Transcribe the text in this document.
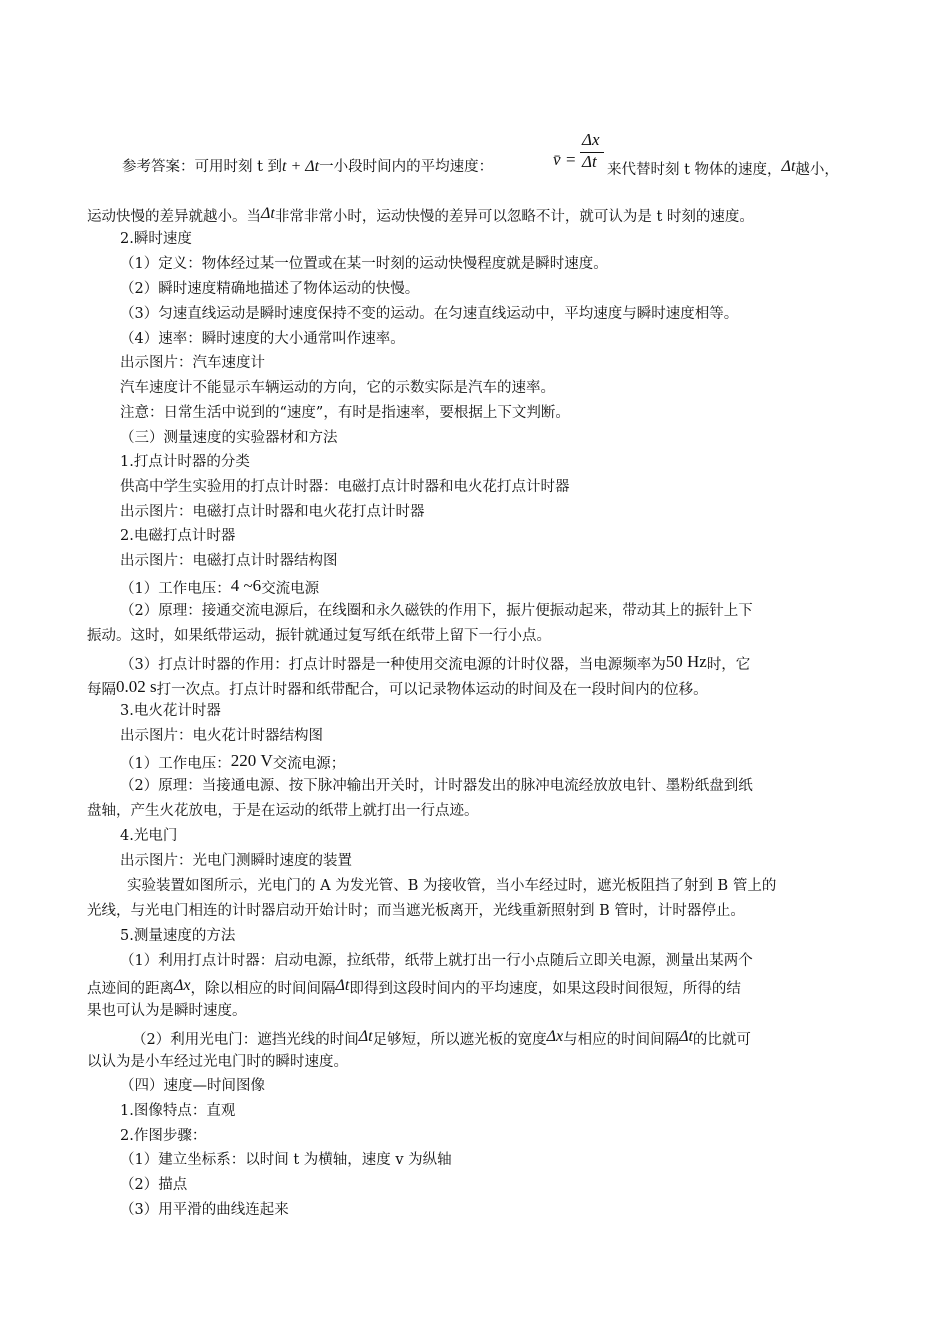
参考答案：可用时刻 t 到t + Δt一小段时间内的平均速度：	v̄ =
Δx
Δt 来代替时刻 t 物体的速度，Δt越小，
运动快慢的差异就越小。当Δt非常非常小时，运动快慢的差异可以忽略不计，就可认为是 t 时刻的速度。
2.瞬时速度
（1）定义：物体经过某一位置或在某一时刻的运动快慢程度就是瞬时速度。
（2）瞬时速度精确地描述了物体运动的快慢。
（3）匀速直线运动是瞬时速度保持不变的运动。在匀速直线运动中，平均速度与瞬时速度相等。
（4）速率：瞬时速度的大小通常叫作速率。
出示图片：汽车速度计
汽车速度计不能显示车辆运动的方向，它的示数实际是汽车的速率。
注意：日常生活中说到的“速度”，有时是指速率，要根据上下文判断。
（三）测量速度的实验器材和方法
1.打点计时器的分类
供高中学生实验用的打点计时器：电磁打点计时器和电火花打点计时器
出示图片：电磁打点计时器和电火花打点计时器
2.电磁打点计时器
出示图片：电磁打点计时器结构图
（1）工作电压：4 ~6交流电源
（2）原理：接通交流电源后，在线圈和永久磁铁的作用下，振片便振动起来，带动其上的振针上下
振动。这时，如果纸带运动，振针就通过复写纸在纸带上留下一行小点。
（3）打点计时器的作用：打点计时器是一种使用交流电源的计时仪器，当电源频率为50 Hz时，它
每隔0.02 s打一次点。打点计时器和纸带配合，可以记录物体运动的时间及在一段时间内的位移。
3.电火花计时器
出示图片：电火花计时器结构图
（1）工作电压：220 V交流电源；
（2）原理：当接通电源、按下脉冲输出开关时，计时器发出的脉冲电流经放放电针、墨粉纸盘到纸
盘轴，产生火花放电，于是在运动的纸带上就打出一行点迹。
4.光电门
出示图片：光电门测瞬时速度的装置
实验装置如图所示，光电门的 A 为发光管、B 为接收管，当小车经过时，遮光板阻挡了射到 B 管上的
光线，与光电门相连的计时器启动开始计时；而当遮光板离开，光线重新照射到 B 管时，计时器停止。
5.测量速度的方法
（1）利用打点计时器：启动电源，拉纸带，纸带上就打出一行小点随后立即关电源，测量出某两个
点迹间的距离Δx，除以相应的时间间隔Δt即得到这段时间内的平均速度，如果这段时间很短，所得的结
果也可认为是瞬时速度。
（2）利用光电门：遮挡光线的时间Δt足够短，所以遮光板的宽度Δx与相应的时间间隔Δt的比就可
以认为是小车经过光电门时的瞬时速度。
（四）速度—时间图像
1.图像特点：直观
2.作图步骤：
（1）建立坐标系：以时间 t 为横轴，速度 v 为纵轴
（2）描点
（3）用平滑的曲线连起来
